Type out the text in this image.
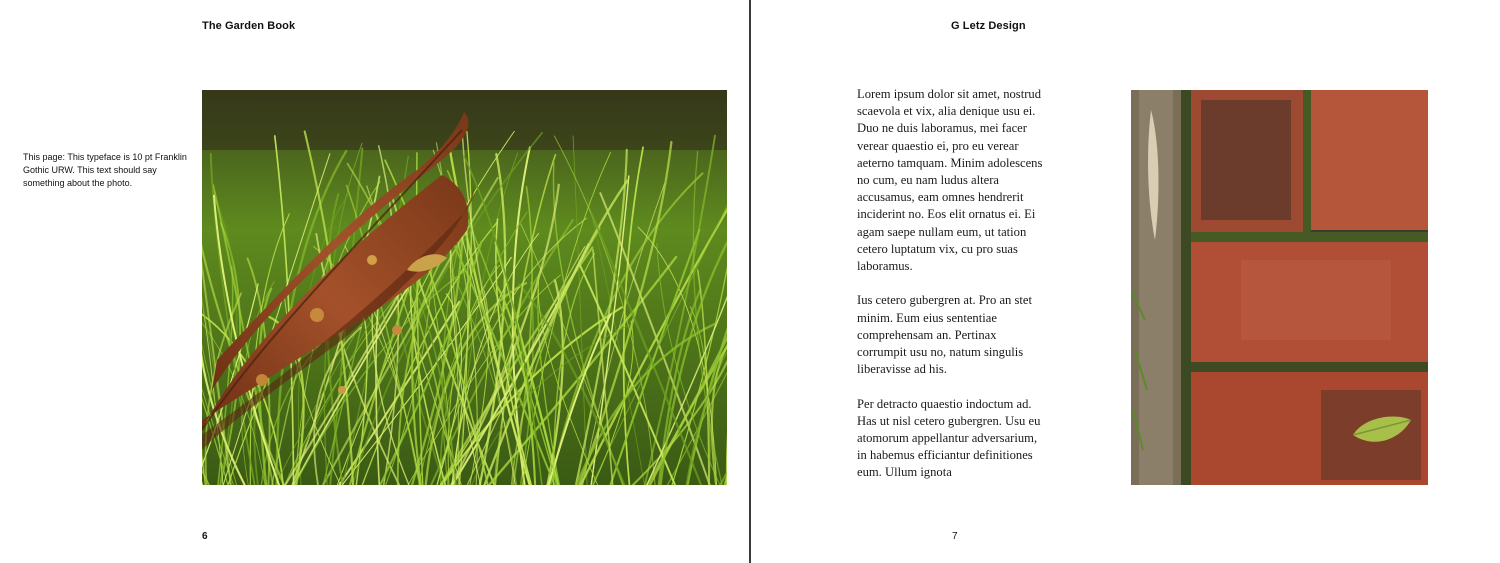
The Garden Book
This page: This typeface is 10 pt Franklin Gothic URW. This text should say something about the photo.
6
G Letz Design

Lorem ipsum dolor sit amet, nostrud scaevola et vix, alia denique usu ei. Duo ne duis laboramus, mei facer verear quaestio ei, pro eu verear aeterno tamquam. Minim adolescens no cum, eu nam ludus altera accusamus, eam omnes hendrerit inciderint no. Eos elit ornatus ei. Ei agam saepe nullam eum, ut tation cetero luptatum vix, cu pro suas laboramus.

Ius cetero gubergren at. Pro an stet minim. Eum eius sententiae comprehensam an. Pertinax corrumpit usu no, natum singulis liberavisse ad his.

Per detracto quaestio indoctum ad. Has ut nisl cetero gubergren. Usu eu atomorum appellantur adversarium, in habemus efficiantur definitiones eum. Ullum ignota

7
